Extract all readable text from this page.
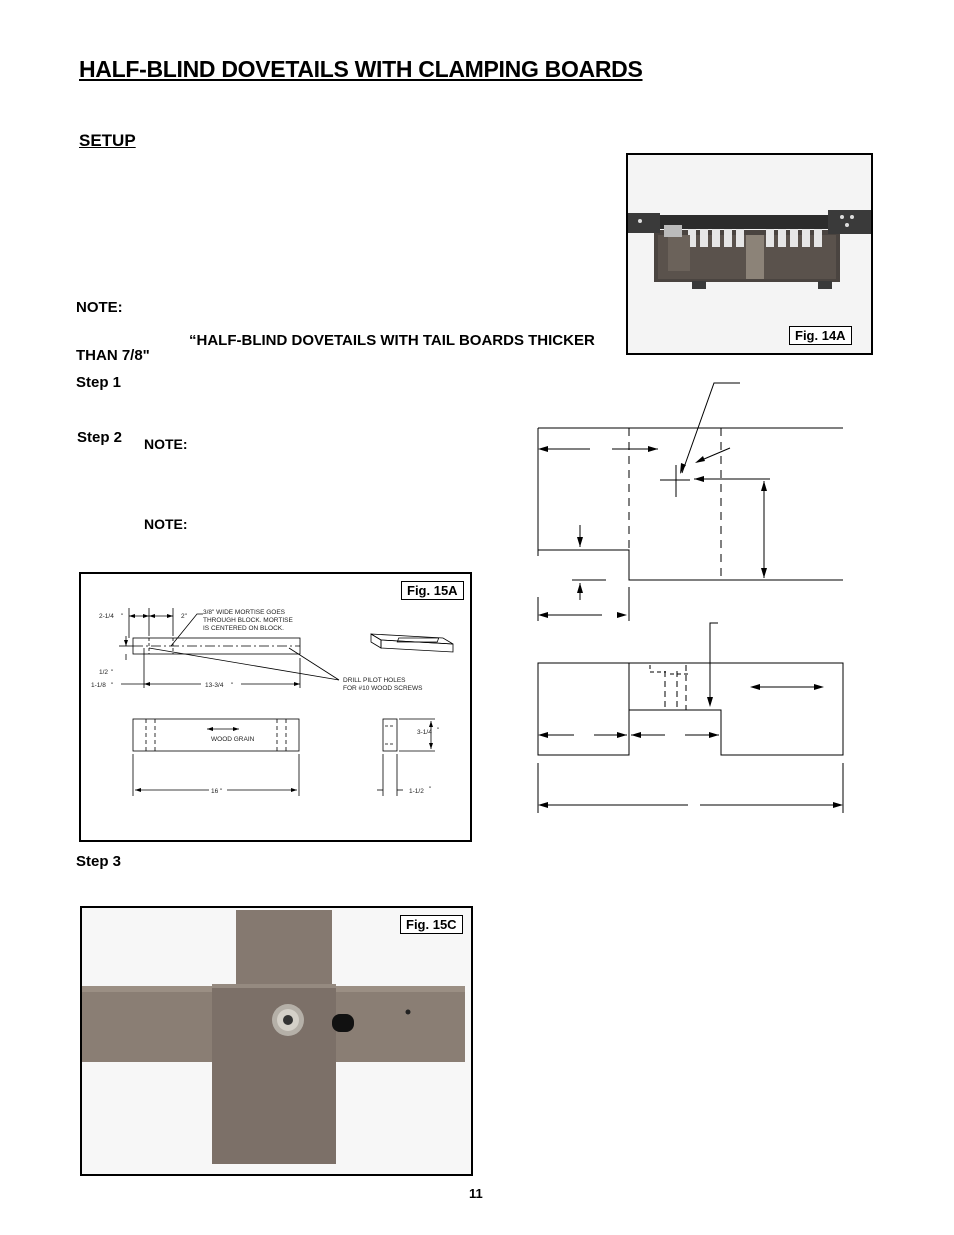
HALF-BLIND DOVETAILS WITH CLAMPING BOARDS
SETUP
NOTE:
“HALF-BLIND DOVETAILS WITH TAIL BOARDS THICKER
THAN 7/8"
Step 1
Step 2 NOTE:
NOTE:
Step 3
Fig. 14A
2-1/4 "	2"
3/8" WIDE MORTISE GOES
THROUGH BLOCK. MORTISE
IS CENTERED ON BLOCK.
1/2 "
1-1/8 "	13-3/4 "
DRILL PILOT HOLES
FOR #10 WOOD SCREWS
WOOD GRAIN
16 "
3-1/4 "
1-1/2 "
Fig. 15A
Fig. 15C
11
